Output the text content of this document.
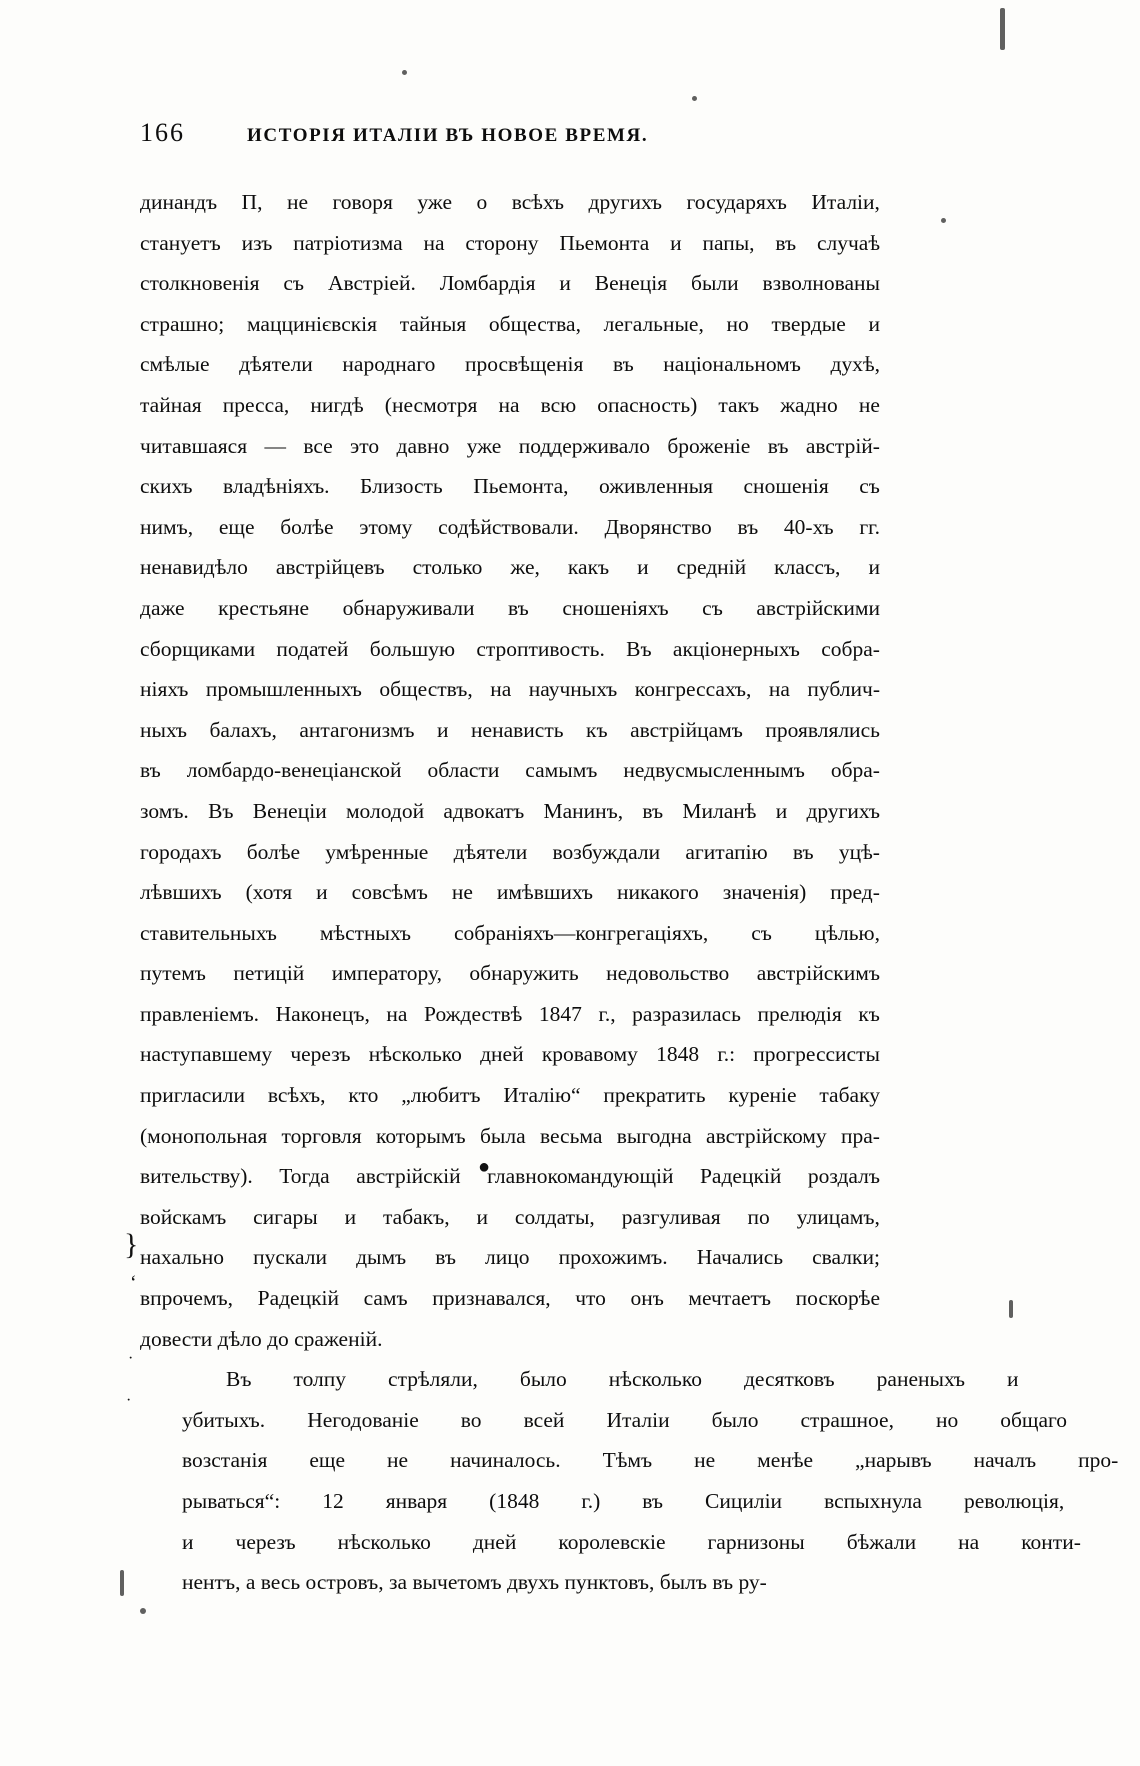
166	ИСТОРІЯ ИТАЛІИ ВЪ НОВОЕ ВРЕМЯ.
динандъ П, не говоря уже о всѣхъ другихъ государяхъ Италіи,
стануетъ изъ патріотизма на сторону Пьемонта и папы, въ случаѣ
столкновенія съ Австріей. Ломбардія и Венеція были взволнованы
страшно; маццинієвскія тайныя общества, легальные, но твердые и
смѣлые дѣятели народнаго просвѣщенія въ національномъ духѣ,
тайная пресса, нигдѣ (несмотря на всю опасность) такъ жадно не
читавшаяся — все это давно уже поддерживало броженіе въ австрій-
скихъ владѣніяхъ. Близость Пьемонта, оживленныя сношенія съ
нимъ, еще болѣе этому содѣйствовали. Дворянство въ 40-хъ гг.
ненавидѣло австрійцевъ столько же, какъ и средній классъ, и
даже крестьяне обнаруживали въ сношеніяхъ съ австрійскими
сборщиками податей большую строптивость. Въ акціонерныхъ собра-
ніяхъ промышленныхъ обществъ, на научныхъ конгрессахъ, на публич-
ныхъ балахъ, антагонизмъ и ненависть къ австрійцамъ проявлялись
въ ломбардо-венеціанской области самымъ недвусмысленнымъ обра-
зомъ. Въ Венеціи молодой адвокатъ Манинъ, въ Миланѣ и другихъ
городахъ болѣе умѣренные дѣятели возбуждали агитапію въ уцѣ-
лѣвшихъ (хотя и совсѣмъ не имѣвшихъ никакого значенія) пред-
ставительныхъ мѣстныхъ собраніяхъ—конгрегаціяхъ, съ цѣлью,
путемъ петицій императору, обнаружить недовольство австрійскимъ
правленіемъ. Наконецъ, на Рождествѣ 1847 г., разразилась прелюдія къ
наступавшему черезъ нѣсколько дней кровавому 1848 г.: прогрессисты
пригласили всѣхъ, кто „любитъ Италію“ прекратить куреніе табаку
(монопольная торговля которымъ была весьма выгодна австрійскому пра-
вительству). Тогда австрійскій главнокомандующій Радецкій роздалъ
войскамъ сигары и табакъ, и солдаты, разгуливая по улицамъ,
нахально пускали дымъ въ лицо прохожимъ. Начались свалки;
впрочемъ, Радецкій самъ признавался, что онъ мечтаетъ поскорѣе
довести дѣло до сраженій.
Въ	толпу	стрѣляли,	было	нѣсколько	десятковъ	раненыхъ	и
убитыхъ.	Негодованіе	во	всей	Италіи	было	страшное,	но	общаго
возстанія	еще	не	начиналось.	Тѣмъ	не	менѣе	„нарывъ	началъ	про-
рываться“:	12	января	(1848	г.)	въ	Сициліи	вспыхнула	революція,
и	черезъ	нѣсколько	дней	королевскіе	гарнизоны	бѣжали	на	конти-
нентъ, а весь островъ, за вычетомъ двухъ пунктовъ, былъ въ ру-
●
}
ʻ
·
·
